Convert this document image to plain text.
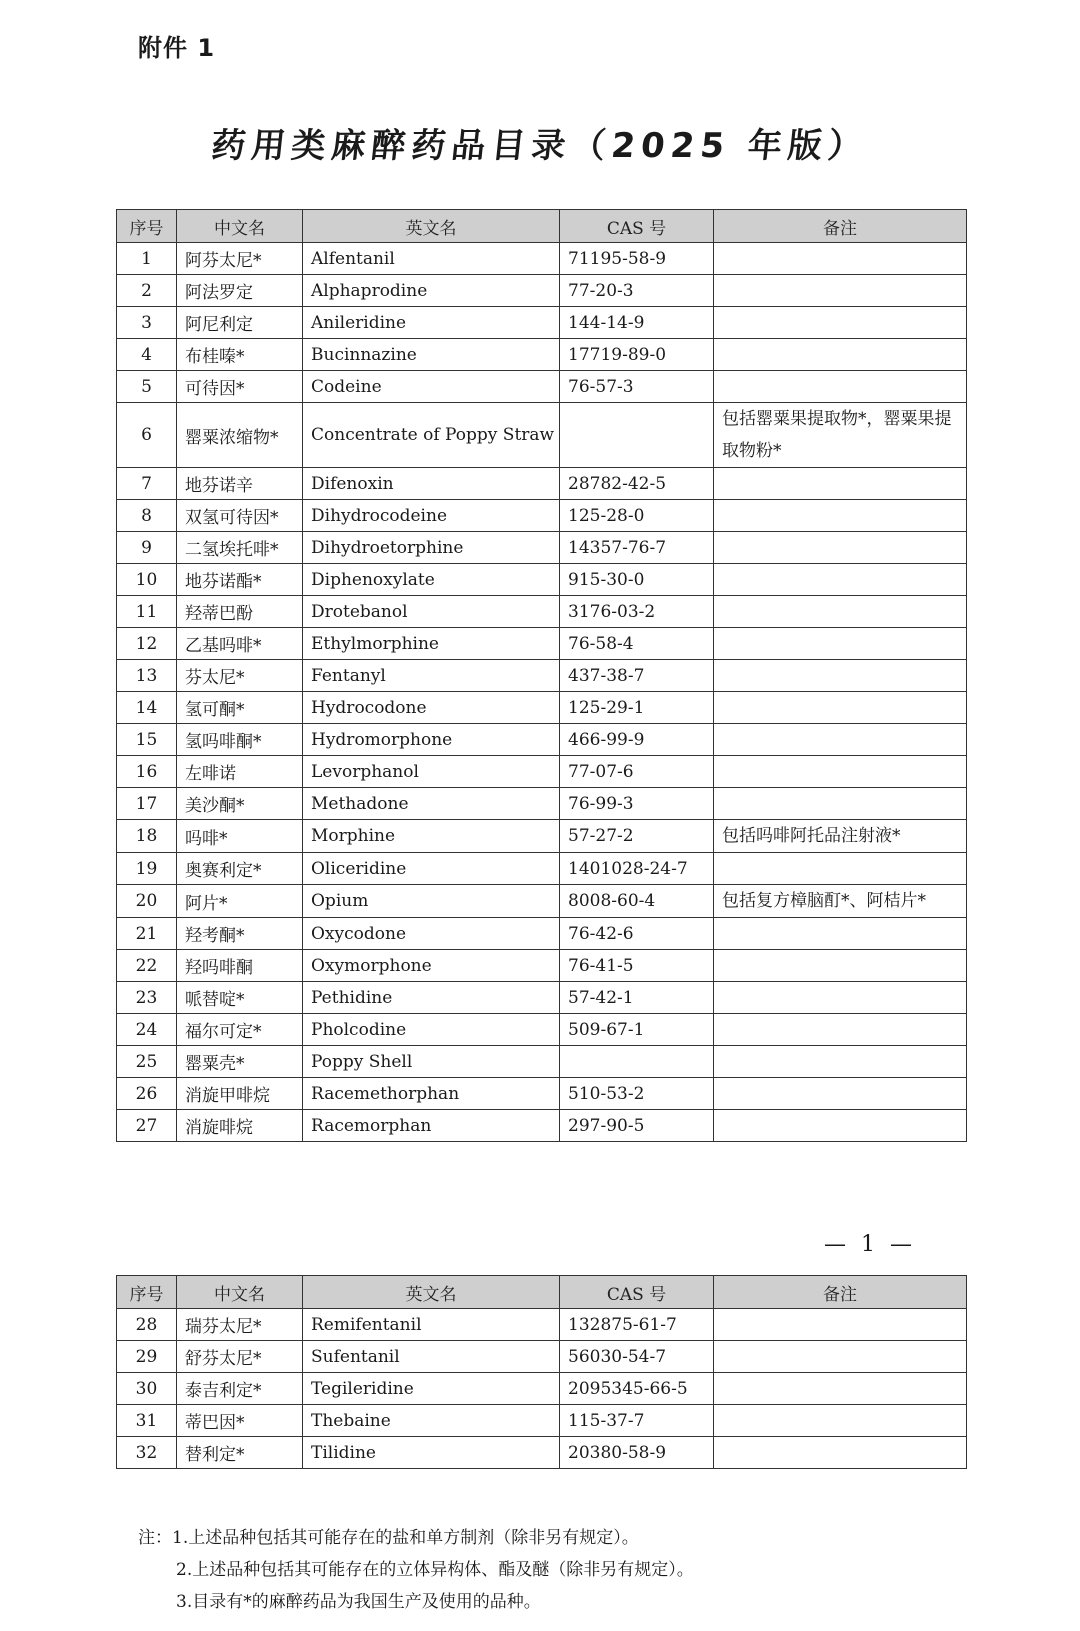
附件 1
药用类麻醉药品目录（2025 年版）
序号	中文名	英文名	CAS 号	备注
1	阿芬太尼*	Alfentanil	71195-58-9	
2	阿法罗定	Alphaprodine	77-20-3	
3	阿尼利定	Anileridine	144-14-9	
4	布桂嗪*	Bucinnazine	17719-89-0	
5	可待因*	Codeine	76-57-3	
6	罂粟浓缩物*	Concentrate of Poppy Straw		包括罂粟果提取物*，罂粟果提取物粉*
7	地芬诺辛	Difenoxin	28782-42-5	
8	双氢可待因*	Dihydrocodeine	125-28-0	
9	二氢埃托啡*	Dihydroetorphine	14357-76-7	
10	地芬诺酯*	Diphenoxylate	915-30-0	
11	羟蒂巴酚	Drotebanol	3176-03-2	
12	乙基吗啡*	Ethylmorphine	76-58-4	
13	芬太尼*	Fentanyl	437-38-7	
14	氢可酮*	Hydrocodone	125-29-1	
15	氢吗啡酮*	Hydromorphone	466-99-9	
16	左啡诺	Levorphanol	77-07-6	
17	美沙酮*	Methadone	76-99-3	
18	吗啡*	Morphine	57-27-2	包括吗啡阿托品注射液*
19	奥赛利定*	Oliceridine	1401028-24-7	
20	阿片*	Opium	8008-60-4	包括复方樟脑酊*、阿桔片*
21	羟考酮*	Oxycodone	76-42-6	
22	羟吗啡酮	Oxymorphone	76-41-5	
23	哌替啶*	Pethidine	57-42-1	
24	福尔可定*	Pholcodine	509-67-1	
25	罂粟壳*	Poppy Shell		
26	消旋甲啡烷	Racemethorphan	510-53-2	
27	消旋啡烷	Racemorphan	297-90-5	
— 1 —
序号	中文名	英文名	CAS 号	备注
28	瑞芬太尼*	Remifentanil	132875-61-7	
29	舒芬太尼*	Sufentanil	56030-54-7	
30	泰吉利定*	Tegileridine	2095345-66-5	
31	蒂巴因*	Thebaine	115-37-7	
32	替利定*	Tilidine	20380-58-9	
注：1.上述品种包括其可能存在的盐和单方制剂（除非另有规定）。
2.上述品种包括其可能存在的立体异构体、酯及醚（除非另有规定）。
3.目录有*的麻醉药品为我国生产及使用的品种。
